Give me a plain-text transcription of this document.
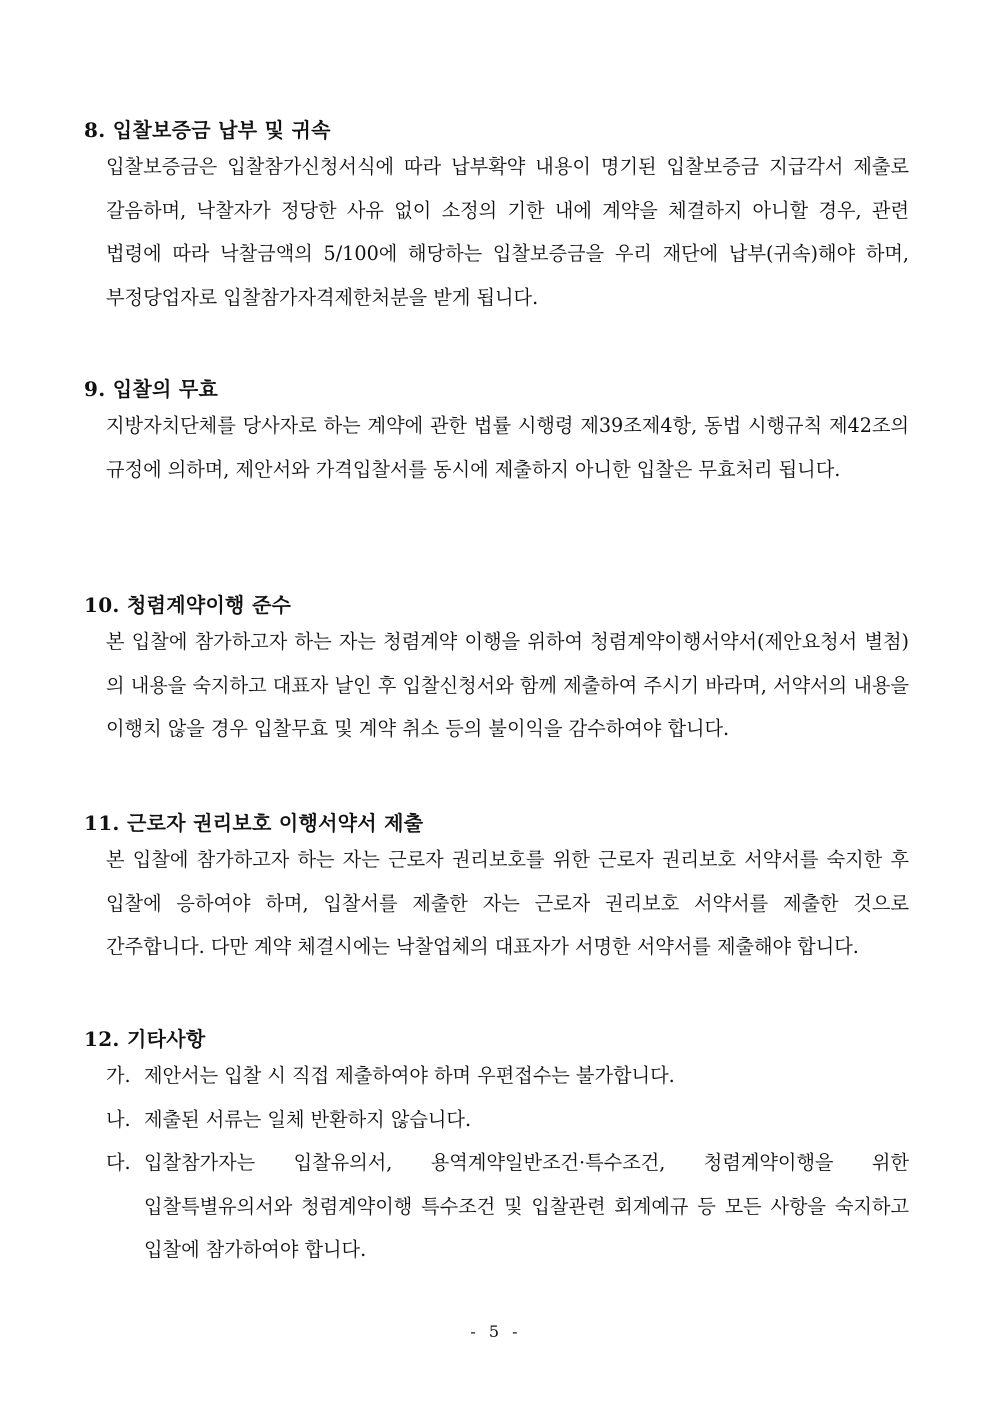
8. 입찰보증금 납부 및 귀속
입찰보증금은 입찰참가신청서식에 따라 납부확약 내용이 명기된 입찰보증금 지급각서 제출로 갈음하며, 낙찰자가 정당한 사유 없이 소정의 기한 내에 계약을 체결하지 아니할 경우, 관련 법령에 따라 낙찰금액의 5/100에 해당하는 입찰보증금을 우리 재단에 납부(귀속)해야 하며, 부정당업자로 입찰참가자격제한처분을 받게 됩니다.
9. 입찰의 무효
지방자치단체를 당사자로 하는 계약에 관한 법률 시행령 제39조제4항, 동법 시행규칙 제42조의 규정에 의하며, 제안서와 가격입찰서를 동시에 제출하지 아니한 입찰은 무효처리 됩니다.
10. 청렴계약이행 준수
본 입찰에 참가하고자 하는 자는 청렴계약 이행을 위하여 청렴계약이행서약서(제안요청서 별첨)의 내용을 숙지하고 대표자 날인 후 입찰신청서와 함께 제출하여 주시기 바라며, 서약서의 내용을 이행치 않을 경우 입찰무효 및 계약 취소 등의 불이익을 감수하여야 합니다.
11. 근로자 권리보호 이행서약서 제출
본 입찰에 참가하고자 하는 자는 근로자 권리보호를 위한 근로자 권리보호 서약서를 숙지한 후 입찰에 응하여야 하며, 입찰서를 제출한 자는 근로자 권리보호 서약서를 제출한 것으로 간주합니다. 다만 계약 체결시에는 낙찰업체의 대표자가 서명한 서약서를 제출해야 합니다.
12. 기타사항
가. 제안서는 입찰 시 직접 제출하여야 하며 우편접수는 불가합니다.
나. 제출된 서류는 일체 반환하지 않습니다.
다. 입찰참가자는 입찰유의서, 용역계약일반조건·특수조건, 청렴계약이행을 위한 입찰특별유의서와 청렴계약이행 특수조건 및 입찰관련 회계예규 등 모든 사항을 숙지하고 입찰에 참가하여야 합니다.
- 5 -
